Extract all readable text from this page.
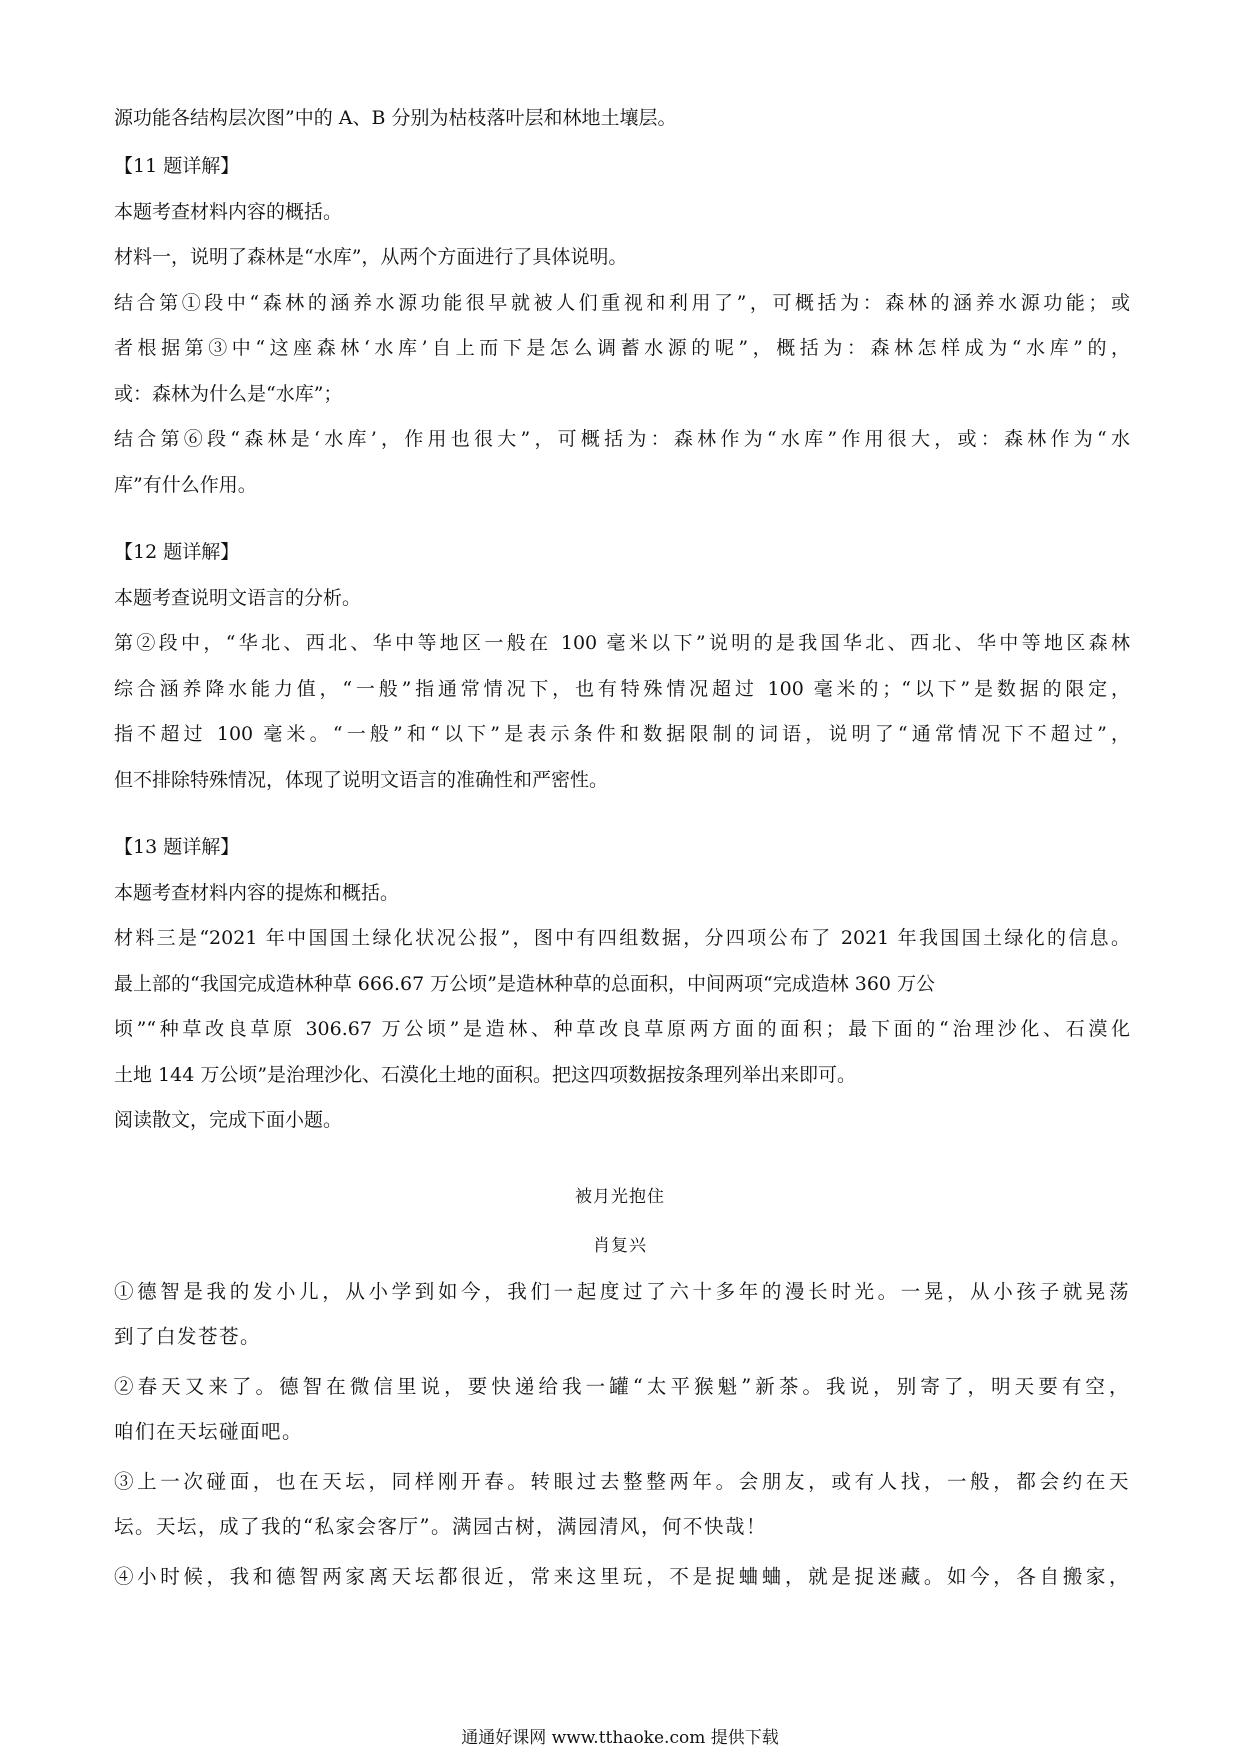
源功能各结构层次图”中的 A、B 分别为枯枝落叶层和林地土壤层。
【11 题详解】
本题考查材料内容的概括。
材料一，说明了森林是“水库”，从两个方面进行了具体说明。
结合第①段中“森林的涵养水源功能很早就被人们重视和利用了”，可概括为：森林的涵养水源功能；或
者根据第③中“这座森林‘水库’自上而下是怎么调蓄水源的呢”，概括为：森林怎样成为“水库”的，
或：森林为什么是“水库”；
结合第⑥段“森林是‘水库’，作用也很大”，可概括为：森林作为“水库”作用很大，或：森林作为“水
库”有什么作用。
【12 题详解】
本题考查说明文语言的分析。
第②段中，“华北、西北、华中等地区一般在 100 毫米以下”说明的是我国华北、西北、华中等地区森林
综合涵养降水能力值，“一般”指通常情况下，也有特殊情况超过 100 毫米的；“以下”是数据的限定，
指不超过 100 毫米。“一般”和“以下”是表示条件和数据限制的词语，说明了“通常情况下不超过”，
但不排除特殊情况，体现了说明文语言的准确性和严密性。
【13 题详解】
本题考查材料内容的提炼和概括。
材料三是“2021 年中国国土绿化状况公报”，图中有四组数据，分四项公布了 2021 年我国国土绿化的信息。
最上部的“我国完成造林种草 666.67 万公顷”是造林种草的总面积，中间两项“完成造林 360 万公
顷”“种草改良草原 306.67 万公顷”是造林、种草改良草原两方面的面积；最下面的“治理沙化、石漠化
土地 144 万公顷”是治理沙化、石漠化土地的面积。把这四项数据按条理列举出来即可。
阅读散文，完成下面小题。
被月光抱住
肖复兴
①德智是我的发小儿，从小学到如今，我们一起度过了六十多年的漫长时光。一晃，从小孩子就晃荡
到了白发苍苍。
②春天又来了。德智在微信里说，要快递给我一罐“太平猴魁”新茶。我说，别寄了，明天要有空，
咱们在天坛碰面吧。
③上一次碰面，也在天坛，同样刚开春。转眼过去整整两年。会朋友，或有人找，一般，都会约在天
坛。天坛，成了我的“私家会客厅”。满园古树，满园清风，何不快哉！
④小时候，我和德智两家离天坛都很近，常来这里玩，不是捉蛐蛐，就是捉迷藏。如今，各自搬家，
通通好课网 www.tthaoke.com 提供下载
